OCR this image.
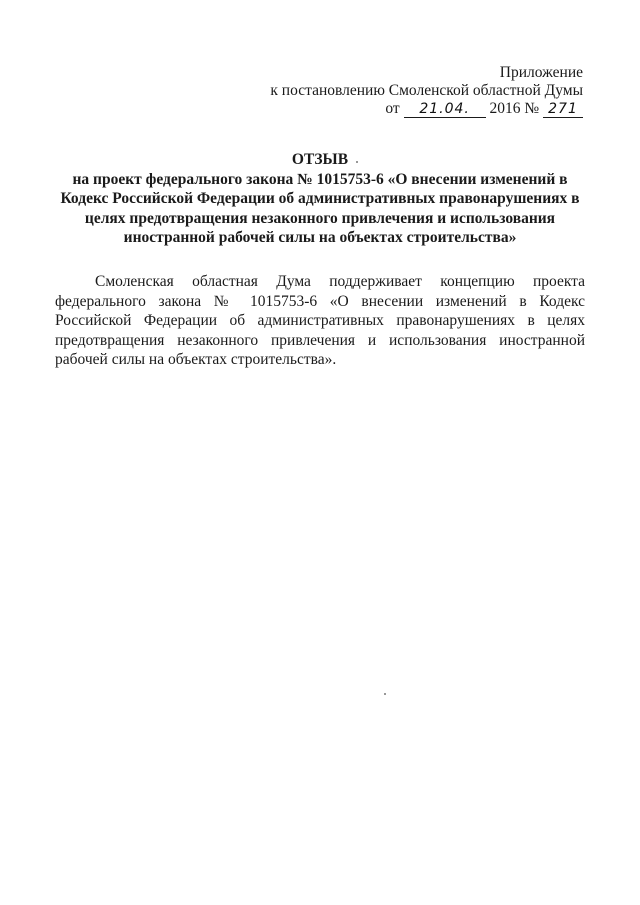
Приложение
к постановлению Смоленской областной Думы
от 21.04. 2016 № 271
ОТЗЫВ
на проект федерального закона № 1015753-6 «О внесении изменений в Кодекс Российской Федерации об административных правонарушениях в целях предотвращения незаконного привлечения и использования иностранной рабочей силы на объектах строительства»

Смоленская областная Дума поддерживает концепцию проекта федерального закона № 1015753-6 «О внесении изменений в Кодекс Российской Федерации об административных правонарушениях в целях предотвращения незаконного привлечения и использования иностранной рабочей силы на объектах строительства».
